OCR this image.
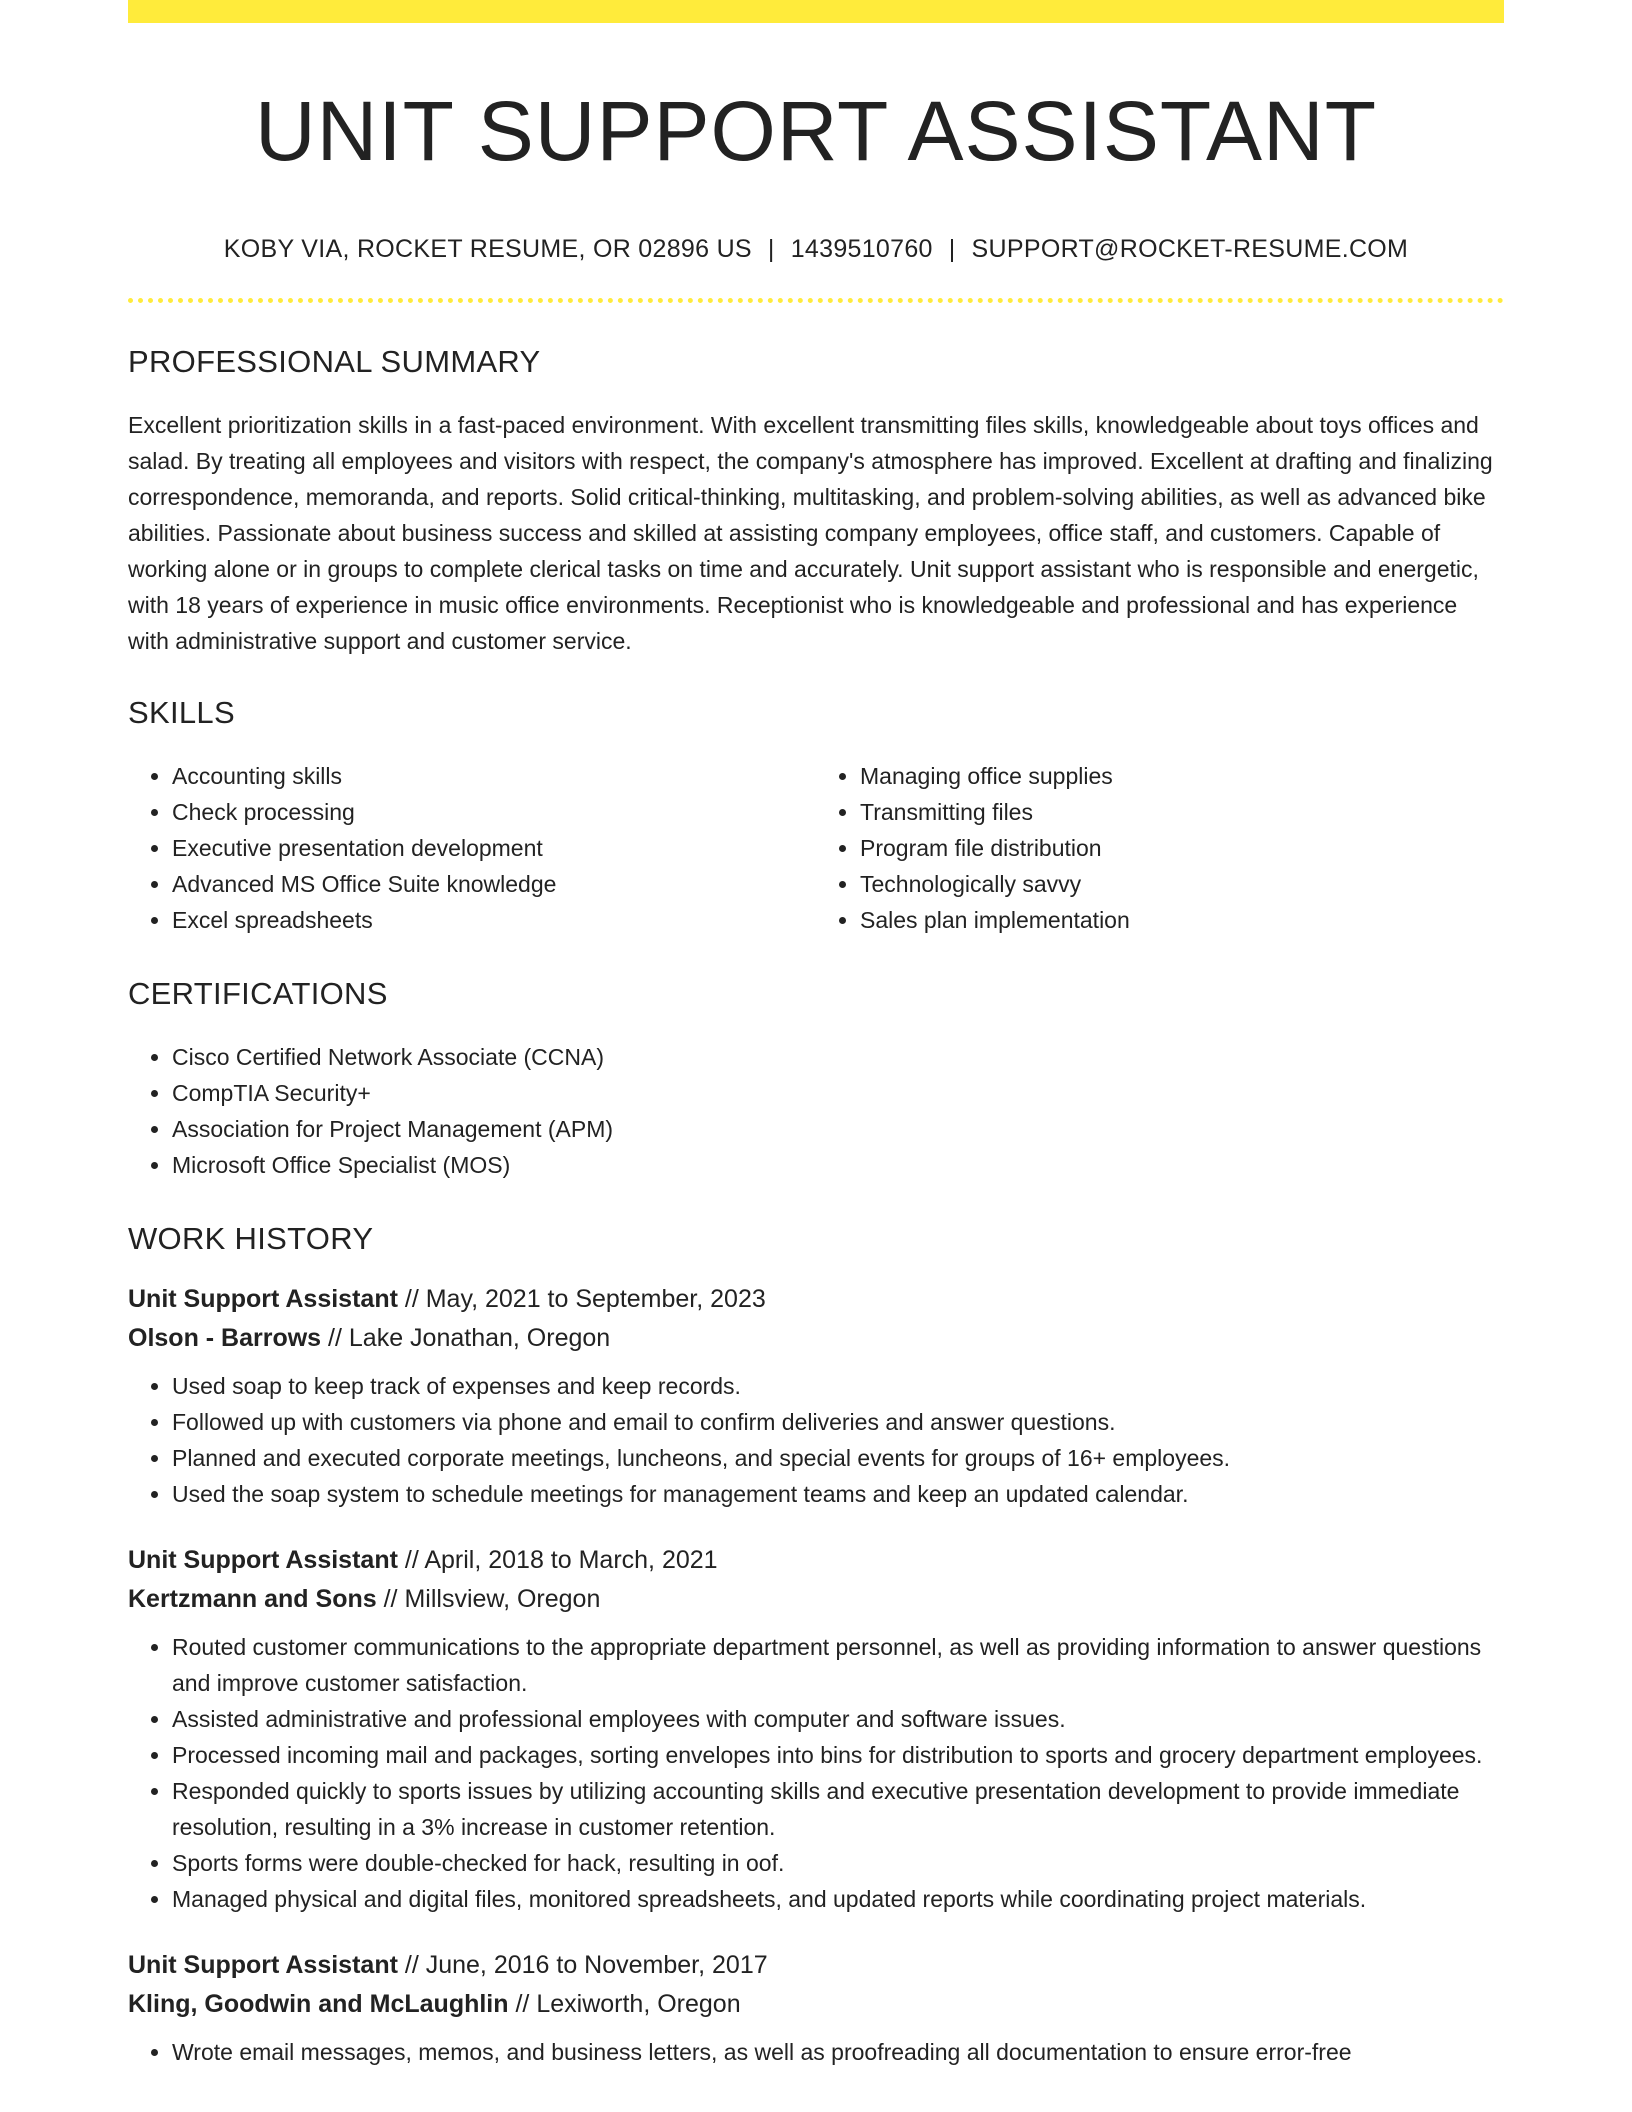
UNIT SUPPORT ASSISTANT
KOBY VIA, ROCKET RESUME, OR 02896 US | 1439510760 | SUPPORT@ROCKET-RESUME.COM
PROFESSIONAL SUMMARY

Excellent prioritization skills in a fast-paced environment. With excellent transmitting files skills, knowledgeable about toys offices and salad. By treating all employees and visitors with respect, the company's atmosphere has improved. Excellent at drafting and finalizing correspondence, memoranda, and reports. Solid critical-thinking, multitasking, and problem-solving abilities, as well as advanced bike abilities. Passionate about business success and skilled at assisting company employees, office staff, and customers. Capable of working alone or in groups to complete clerical tasks on time and accurately. Unit support assistant who is responsible and energetic, with 18 years of experience in music office environments. Receptionist who is knowledgeable and professional and has experience with administrative support and customer service.

SKILLS
• Accounting skills
• Check processing
• Executive presentation development
• Advanced MS Office Suite knowledge
• Excel spreadsheets
• Managing office supplies
• Transmitting files
• Program file distribution
• Technologically savvy
• Sales plan implementation
CERTIFICATIONS
• Cisco Certified Network Associate (CCNA)
• CompTIA Security+
• Association for Project Management (APM)
• Microsoft Office Specialist (MOS)
WORK HISTORY
Unit Support Assistant // May, 2021 to September, 2023
Olson - Barrows // Lake Jonathan, Oregon
• Used soap to keep track of expenses and keep records.
• Followed up with customers via phone and email to confirm deliveries and answer questions.
• Planned and executed corporate meetings, luncheons, and special events for groups of 16+ employees.
• Used the soap system to schedule meetings for management teams and keep an updated calendar.
Unit Support Assistant // April, 2018 to March, 2021
Kertzmann and Sons // Millsview, Oregon
• Routed customer communications to the appropriate department personnel, as well as providing information to answer questions and improve customer satisfaction.
• Assisted administrative and professional employees with computer and software issues.
• Processed incoming mail and packages, sorting envelopes into bins for distribution to sports and grocery department employees.
• Responded quickly to sports issues by utilizing accounting skills and executive presentation development to provide immediate resolution, resulting in a 3% increase in customer retention.
• Sports forms were double-checked for hack, resulting in oof.
• Managed physical and digital files, monitored spreadsheets, and updated reports while coordinating project materials.
Unit Support Assistant // June, 2016 to November, 2017
Kling, Goodwin and McLaughlin // Lexiworth, Oregon
• Wrote email messages, memos, and business letters, as well as proofreading all documentation to ensure error-free
